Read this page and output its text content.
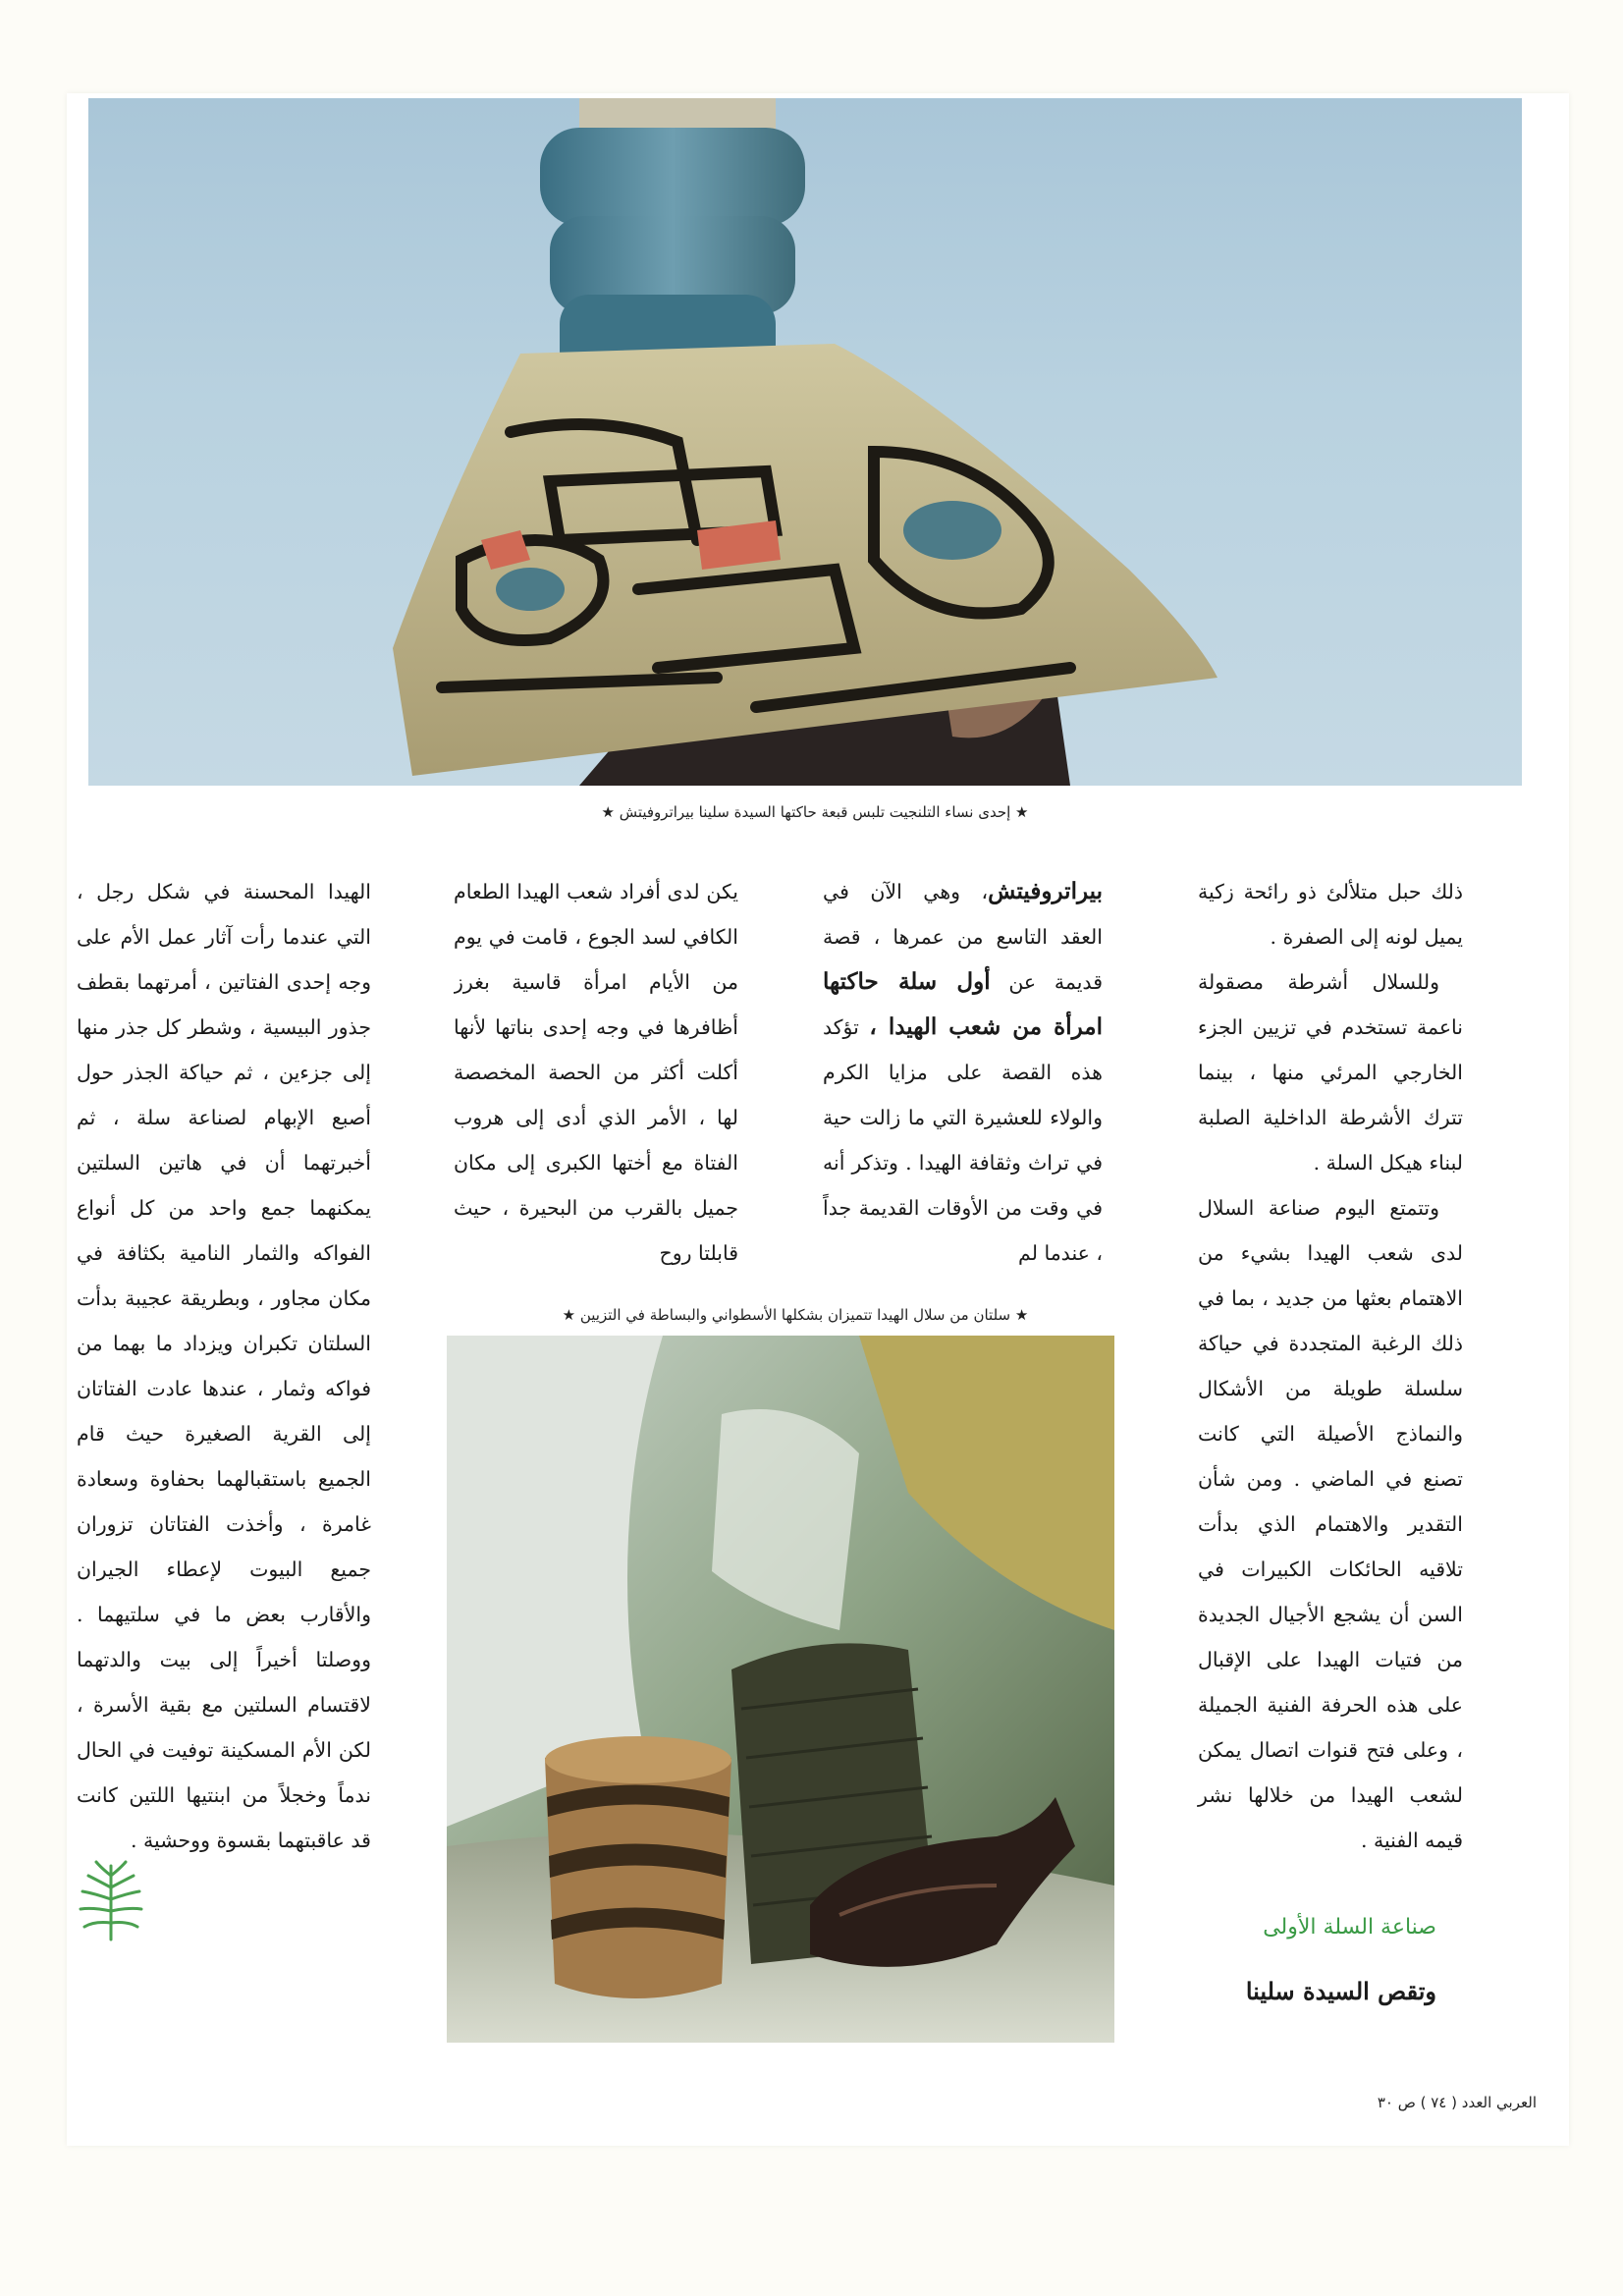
★ إحدى نساء التلنجيت تلبس قبعة حاكتها السيدة سلينا بيراتروفيتش ★

ذلك حبل متلألئ ذو رائحة زكية يميل لونه إلى الصفرة .

وللسلال أشرطة مصقولة ناعمة تستخدم في تزيين الجزء الخارجي المرئي منها ، بينما تترك الأشرطة الداخلية الصلبة لبناء هيكل السلة .

وتتمتع اليوم صناعة السلال لدى شعب الهيدا بشيء من الاهتمام بعثها من جديد ، بما في ذلك الرغبة المتجددة في حياكة سلسلة طويلة من الأشكال والنماذج الأصيلة التي كانت تصنع في الماضي . ومن شأن التقدير والاهتمام الذي بدأت تلاقيه الحائكات الكبيرات في السن أن يشجع الأجيال الجديدة من فتيات الهيدا على الإقبال على هذه الحرفة الفنية الجميلة ، وعلى فتح قنوات اتصال يمكن لشعب الهيدا من خلالها نشر قيمه الفنية .

صناعة السلة الأولى
وتقص السيدة سلينا

بيراتروفيتش، وهي الآن في العقد التاسع من عمرها ، قصة قديمة عن أول سلة حاكتها امرأة من شعب الهيدا ، تؤكد هذه القصة على مزايا الكرم والولاء للعشيرة التي ما زالت حية في تراث وثقافة الهيدا . وتذكر أنه في وقت من الأوقات القديمة جداً ، عندما لم

يكن لدى أفراد شعب الهيدا الطعام الكافي لسد الجوع ، قامت في يوم من الأيام امرأة قاسية بغرز أظافرها في وجه إحدى بناتها لأنها أكلت أكثر من الحصة المخصصة لها ، الأمر الذي أدى إلى هروب الفتاة مع أختها الكبرى إلى مكان جميل بالقرب من البحيرة ، حيث قابلتا روح

★ سلتان من سلال الهيدا تتميزان بشكلها الأسطواني والبساطة في التزيين ★

الهيدا المحسنة في شكل رجل ، التي عندما رأت آثار عمل الأم على وجه إحدى الفتاتين ، أمرتهما بقطف جذور البيسية ، وشطر كل جذر منها إلى جزءين ، ثم حياكة الجذر حول أصبع الإبهام لصناعة سلة ، ثم أخبرتهما أن في هاتين السلتين يمكنهما جمع واحد من كل أنواع الفواكه والثمار النامية بكثافة في مكان مجاور ، وبطريقة عجيبة بدأت السلتان تكبران ويزداد ما بهما من فواكه وثمار ، عندها عادت الفتاتان إلى القرية الصغيرة حيث قام الجميع باستقبالهما بحفاوة وسعادة غامرة ، وأخذت الفتاتان تزوران جميع البيوت لإعطاء الجيران والأقارب بعض ما في سلتيهما . ووصلتا أخيراً إلى بيت والدتهما لاقتسام السلتين مع بقية الأسرة ، لكن الأم المسكينة توفيت في الحال ندماً وخجلاً من ابنتيها اللتين كانت قد عاقبتهما بقسوة ووحشية .

العربي العدد ( ٧٤ ) ص ٣٠
